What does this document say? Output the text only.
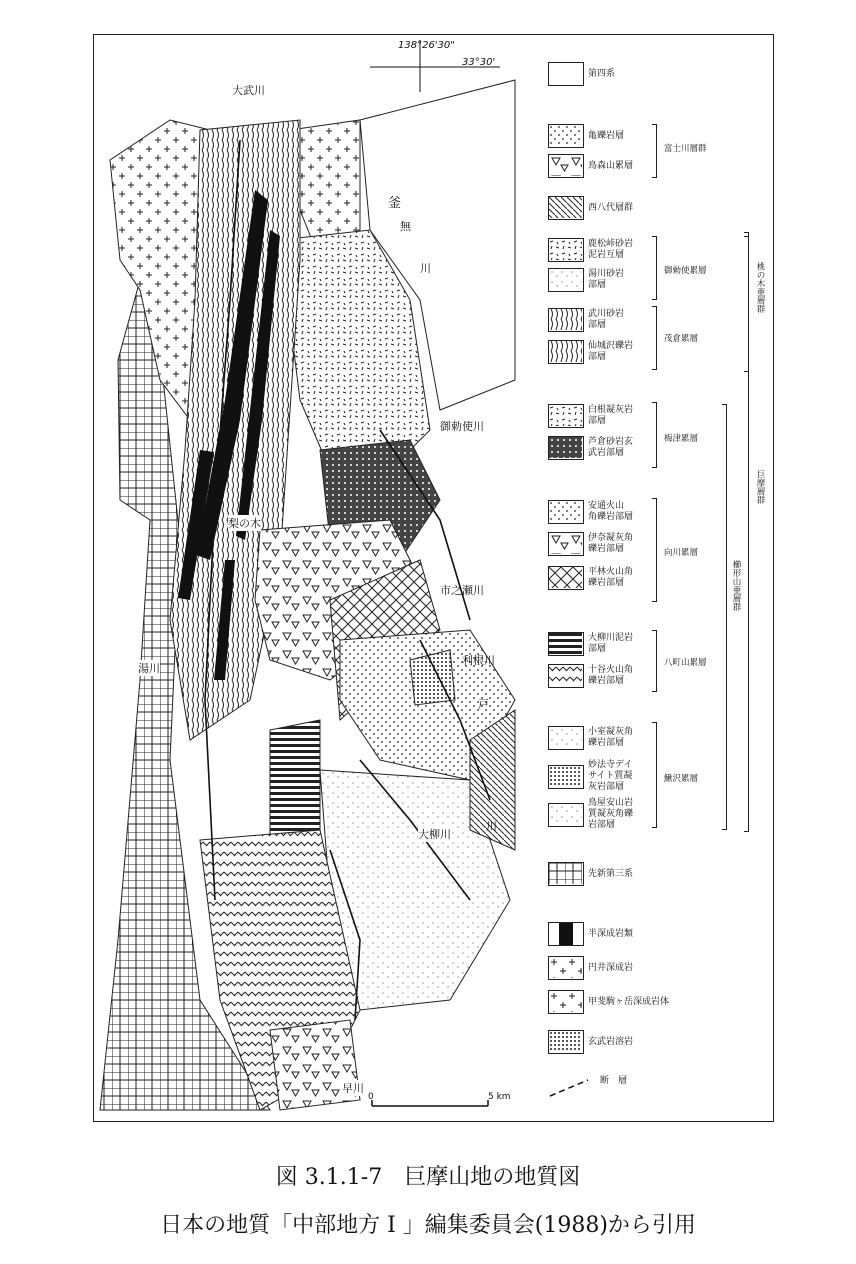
138°26'30"
33°30'
大武川
釜
無
川
御勅使川
梨の木
市之瀬川
利根川
湯川
大柳川
早川
戸
川
0	5 km
第四系
亀礫岩層
鳥森山累層
西八代層群
鹿松峠砂岩
泥岩互層
湯川砂岩
部層
武川砂岩
部層
仙城沢礫岩
部層
白根凝灰岩
部層
芦倉砂岩玄
武岩部層
安通火山
角礫岩部層
伊奈凝灰角
礫岩部層
平林火山角
礫岩部層
大柳川泥岩
部層
十谷火山角
礫岩部層
小室凝灰角
礫岩部層
妙法寺デイ
サイト質凝
灰岩部層
鳥屋安山岩
質凝灰角礫
岩部層
先新第三系
半深成岩類
円井深成岩
甲斐駒ヶ岳深成岩体
玄武岩溶岩
断　層
富士川層群
御勅使累層
茂倉累層
桃の木亜層群
梅津累層
向川累層
八町山累層
鰍沢累層
巨摩層群
櫛形山亜層群
図 3.1.1-7　巨摩山地の地質図
日本の地質「中部地方 I 」編集委員会(1988)から引用
